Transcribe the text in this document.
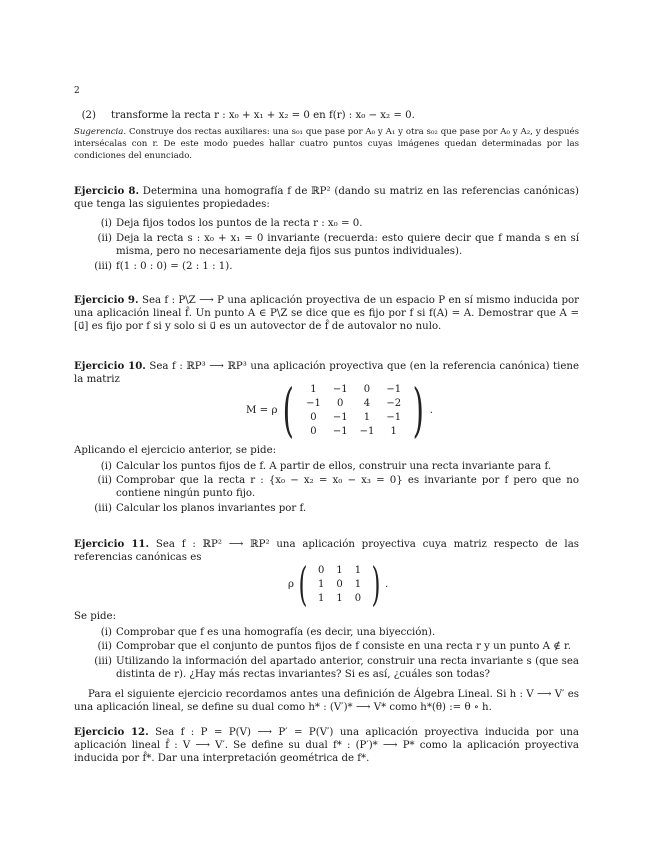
2
(2) transforme la recta r : x₀ + x₁ + x₂ = 0 en f(r) : x₀ − x₂ = 0.
Sugerencia. Construye dos rectas auxiliares: una s₀₁ que pase por A₀ y A₁ y otra s₀₂ que pase por A₀ y A₂, y después intersécalas con r. De este modo puedes hallar cuatro puntos cuyas imágenes quedan determinadas por las condiciones del enunciado.
Ejercicio 8. Determina una homografía f de ℝP² (dando su matriz en las referencias canónicas) que tenga las siguientes propiedades:
(i) Deja fijos todos los puntos de la recta r : x₀ = 0.
(ii) Deja la recta s : x₀ + x₁ = 0 invariante (recuerda: esto quiere decir que f manda s en sí misma, pero no necesariamente deja fijos sus puntos individuales).
(iii) f(1 : 0 : 0) = (2 : 1 : 1).
Ejercicio 9. Sea f : P\Z ⟶ P una aplicación proyectiva de un espacio P en sí mismo inducida por una aplicación lineal f̂. Un punto A ∈ P\Z se dice que es fijo por f si f(A) = A. Demostrar que A = [u⃗] es fijo por f si y solo si u⃗ es un autovector de f̂ de autovalor no nulo.
Ejercicio 10. Sea f : ℝP³ ⟶ ℝP³ una aplicación proyectiva que (en la referencia canónica) tiene la matriz
M = ρ ( 1	−1	0	−1
−1	0	4	−2
0	−1	1	−1
0	−1	−1	1 ) .
Aplicando el ejercicio anterior, se pide:
(i) Calcular los puntos fijos de f. A partir de ellos, construir una recta invariante para f.
(ii) Comprobar que la recta r : {x₀ − x₂ = x₀ − x₃ = 0} es invariante por f pero que no contiene ningún punto fijo.
(iii) Calcular los planos invariantes por f.
Ejercicio 11. Sea f : ℝP² ⟶ ℝP² una aplicación proyectiva cuya matriz respecto de las referencias canónicas es
ρ ( 0	1	1
1	0	1
1	1	0 ) .
Se pide:
(i) Comprobar que f es una homografía (es decir, una biyección).
(ii) Comprobar que el conjunto de puntos fijos de f consiste en una recta r y un punto A ∉ r.
(iii) Utilizando la información del apartado anterior, construir una recta invariante s (que sea distinta de r). ¿Hay más rectas invariantes? Si es así, ¿cuáles son todas?
Para el siguiente ejercicio recordamos antes una definición de Álgebra Lineal. Si h : V ⟶ V′ es una aplicación lineal, se define su dual como h* : (V′)* ⟶ V* como h*(θ) := θ ∘ h.
Ejercicio 12. Sea f : P = P(V) ⟶ P′ = P(V′) una aplicación proyectiva inducida por una aplicación lineal f̂ : V ⟶ V′. Se define su dual f* : (P′)* ⟶ P* como la aplicación proyectiva inducida por f̂*. Dar una interpretación geométrica de f*.
